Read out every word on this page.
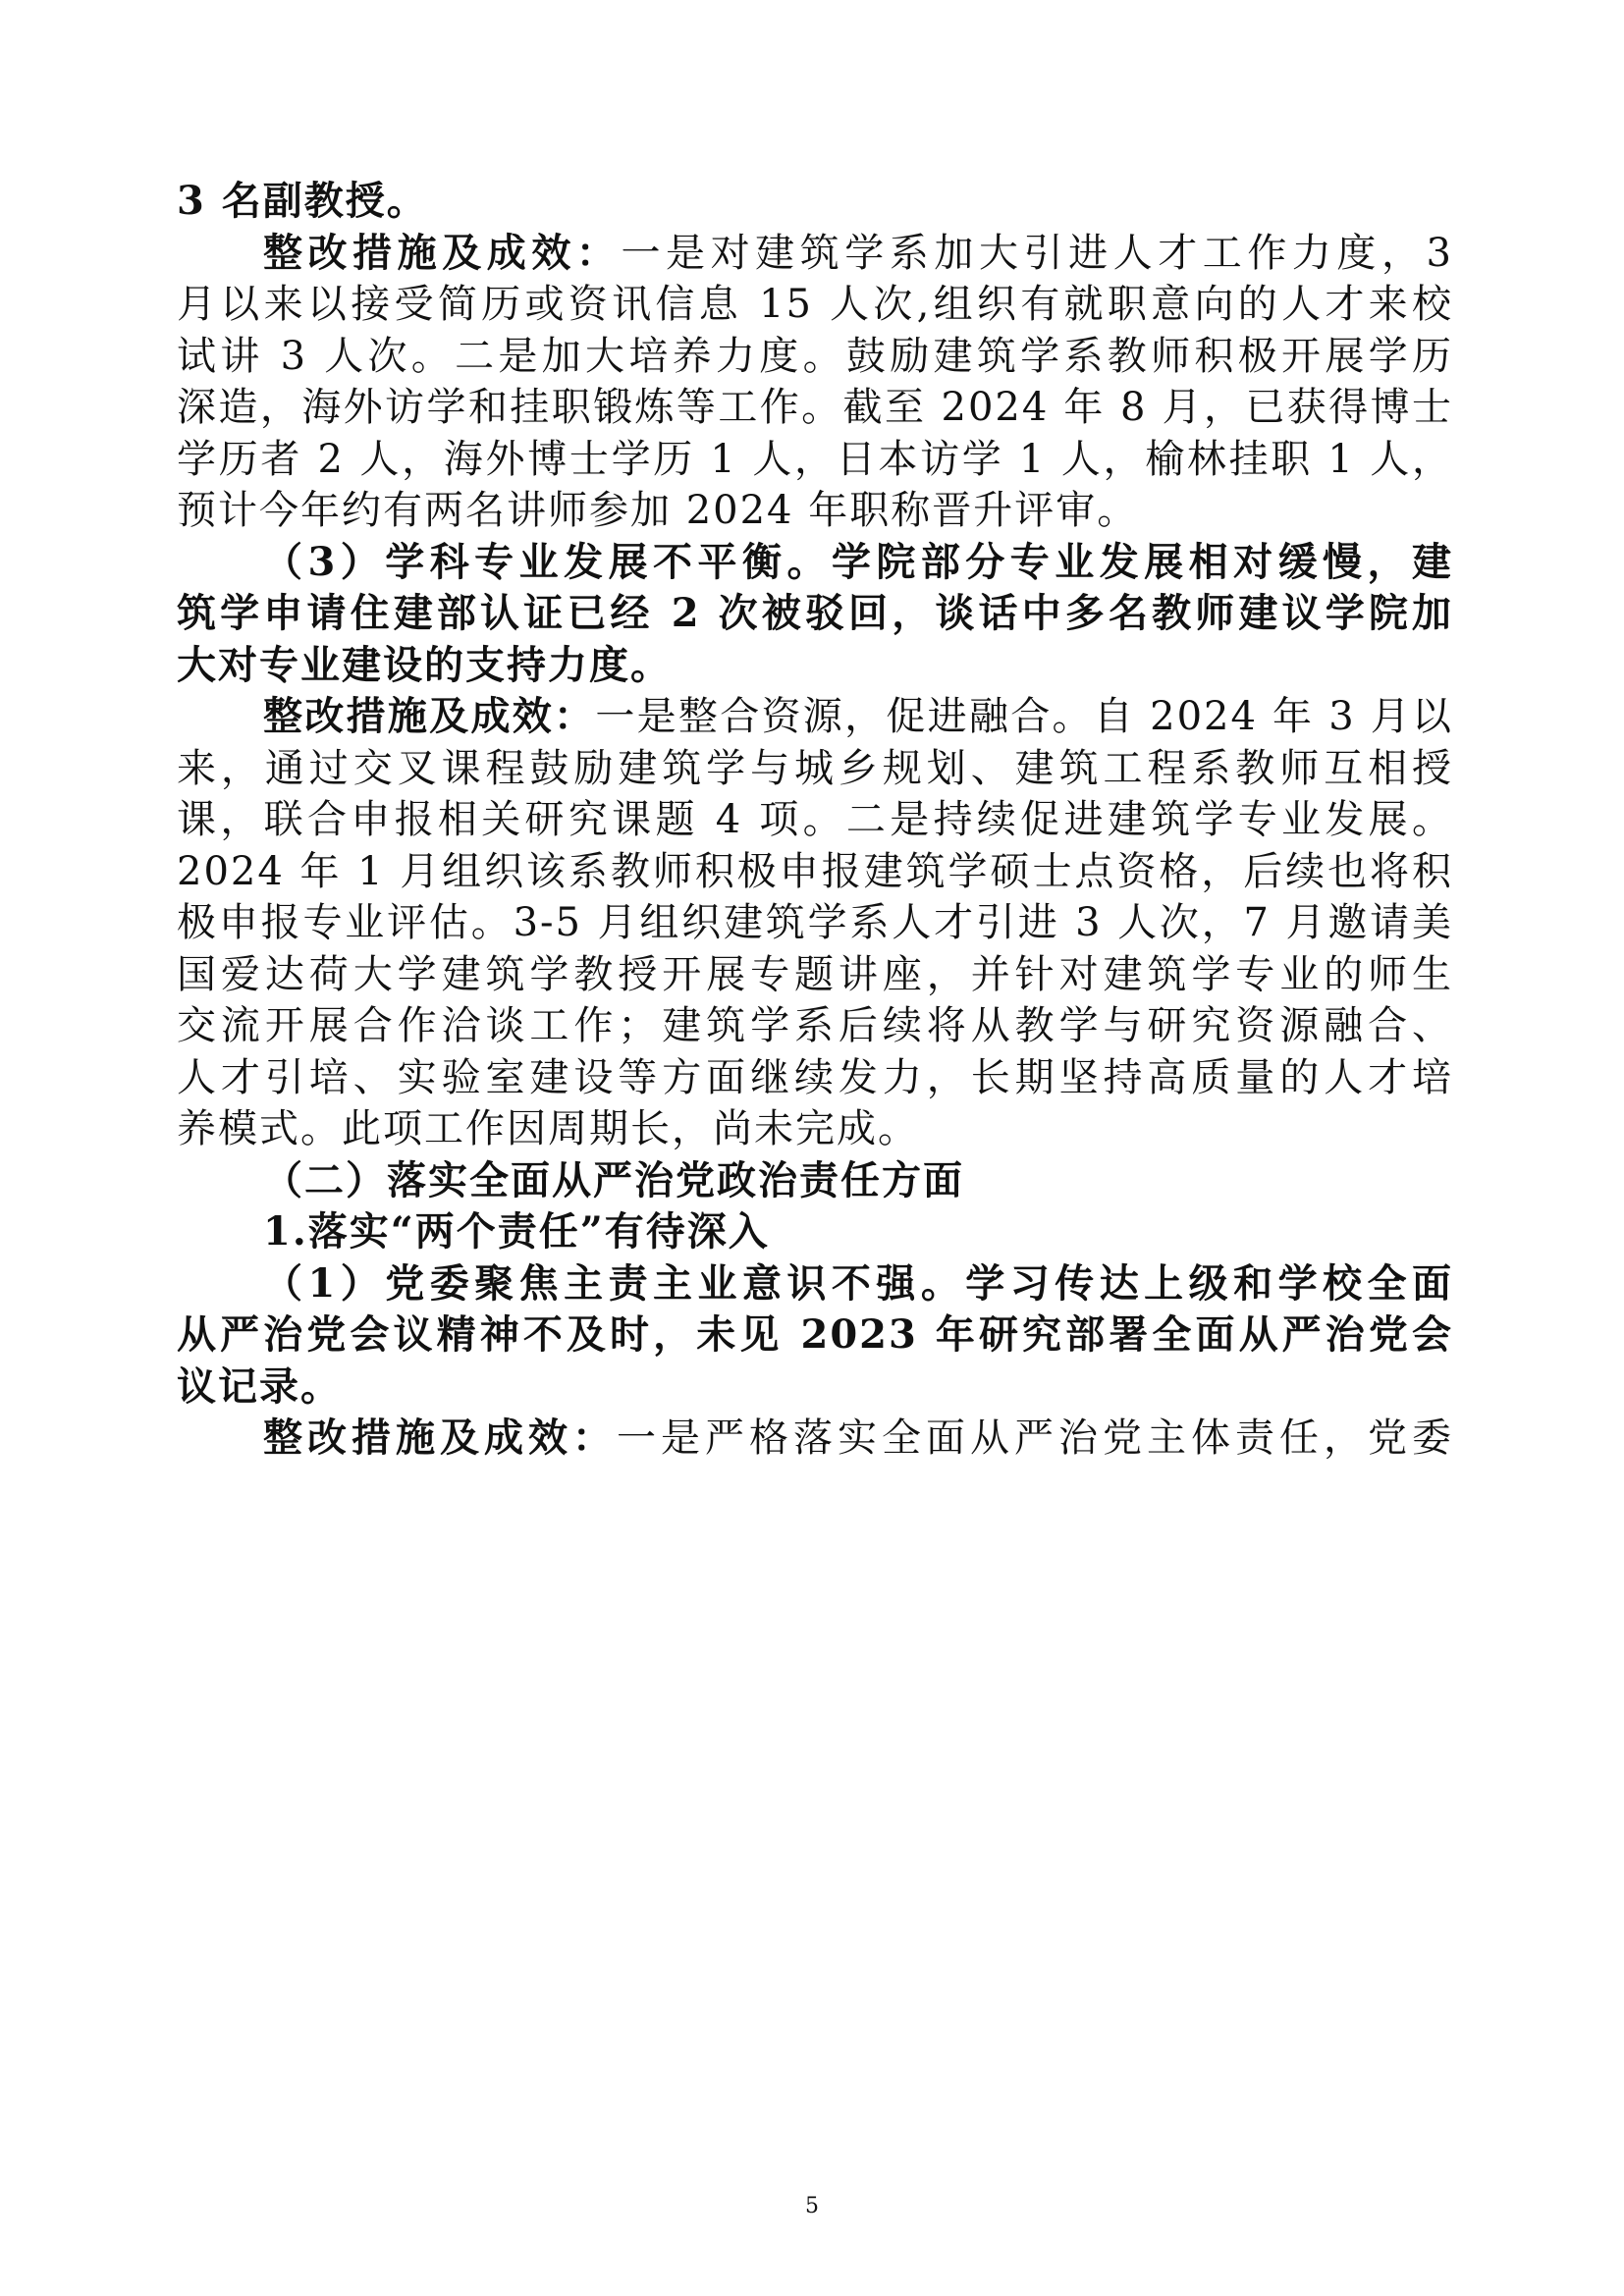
3 名副教授。
整改措施及成效：一是对建筑学系加大引进人才工作力度，3
月以来以接受简历或资讯信息 15 人次,组织有就职意向的人才来校
试讲 3 人次。二是加大培养力度。鼓励建筑学系教师积极开展学历
深造，海外访学和挂职锻炼等工作。截至 2024 年 8 月，已获得博士
学历者 2 人，海外博士学历 1 人，日本访学 1 人，榆林挂职 1 人，
预计今年约有两名讲师参加 2024 年职称晋升评审。
（3）学科专业发展不平衡。学院部分专业发展相对缓慢，建
筑学申请住建部认证已经 2 次被驳回，谈话中多名教师建议学院加
大对专业建设的支持力度。
整改措施及成效：一是整合资源，促进融合。自 2024 年 3 月以
来，通过交叉课程鼓励建筑学与城乡规划、建筑工程系教师互相授
课，联合申报相关研究课题 4 项。二是持续促进建筑学专业发展。
2024 年 1 月组织该系教师积极申报建筑学硕士点资格，后续也将积
极申报专业评估。3-5 月组织建筑学系人才引进 3 人次，7 月邀请美
国爱达荷大学建筑学教授开展专题讲座，并针对建筑学专业的师生
交流开展合作洽谈工作；建筑学系后续将从教学与研究资源融合、
人才引培、实验室建设等方面继续发力，长期坚持高质量的人才培
养模式。此项工作因周期长，尚未完成。
（二）落实全面从严治党政治责任方面
1.落实“两个责任”有待深入
（1）党委聚焦主责主业意识不强。学习传达上级和学校全面
从严治党会议精神不及时，未见 2023 年研究部署全面从严治党会
议记录。
整改措施及成效：一是严格落实全面从严治党主体责任，党委
5
